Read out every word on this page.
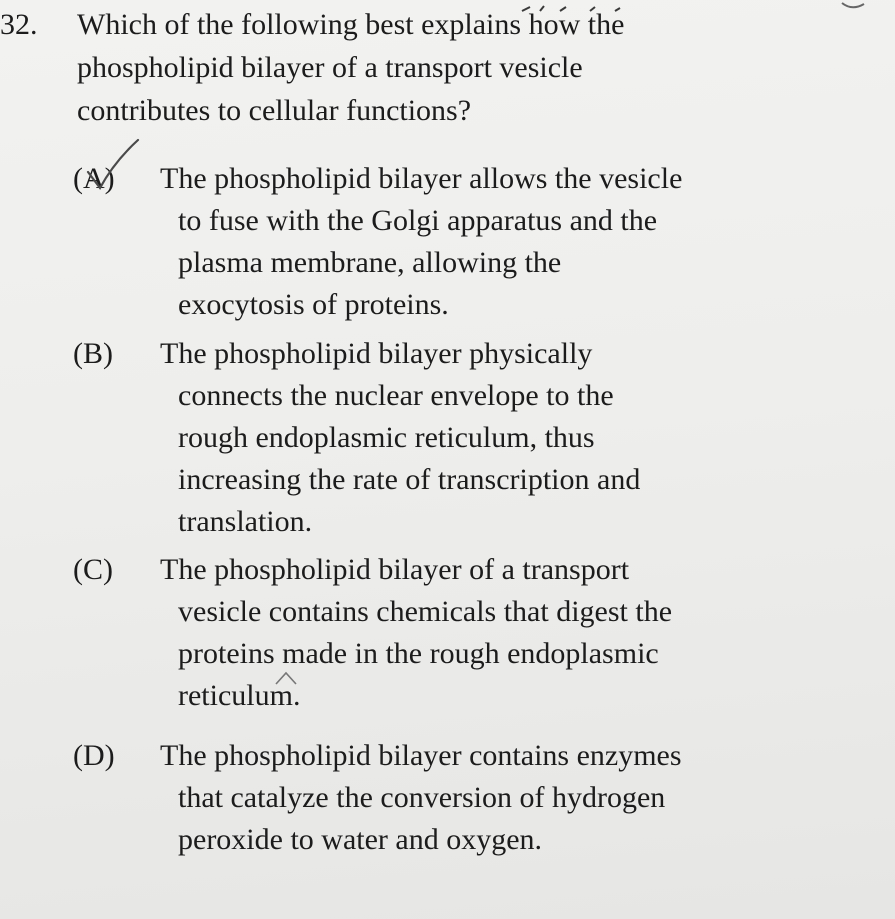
32. Which of the following best explains how the
phospholipid bilayer of a transport vesicle
contributes to cellular functions?
(A) The phospholipid bilayer allows the vesicle
to fuse with the Golgi apparatus and the
plasma membrane, allowing the
exocytosis of proteins.
(B) The phospholipid bilayer physically
connects the nuclear envelope to the
rough endoplasmic reticulum, thus
increasing the rate of transcription and
translation.
(C) The phospholipid bilayer of a transport
vesicle contains chemicals that digest the
proteins made in the rough endoplasmic
reticulum.
(D) The phospholipid bilayer contains enzymes
that catalyze the conversion of hydrogen
peroxide to water and oxygen.
